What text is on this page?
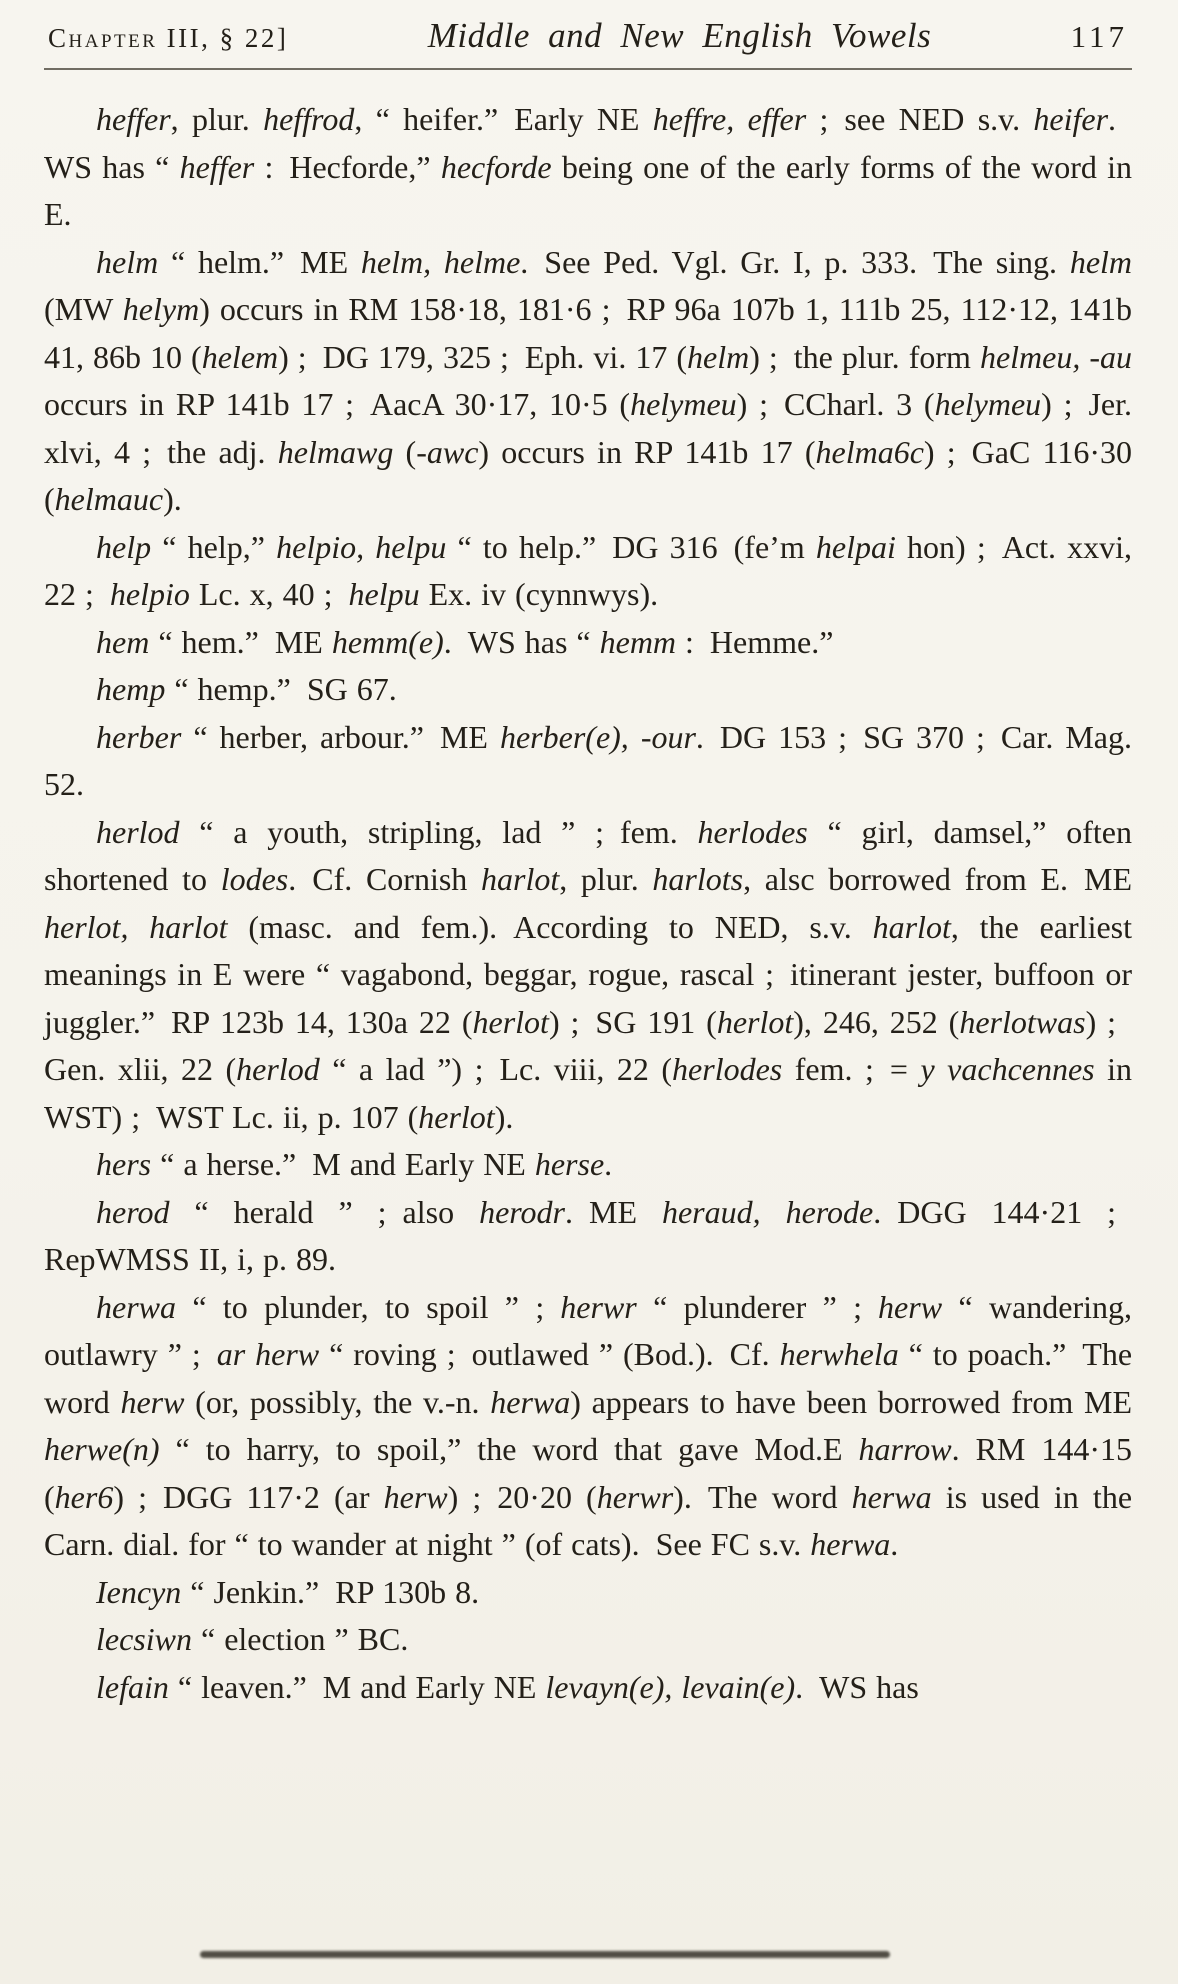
Chapter III, § 22]	Middle and New English Vowels	117

heffer, plur. heffrod, “ heifer.” Early NE heffre, effer ; see NED s.v. heifer. WS has “ heffer : Hecforde,” hecforde being one of the early forms of the word in E.

helm “ helm.” ME helm, helme. See Ped. Vgl. Gr. I, p. 333. The sing. helm (MW helym) occurs in RM 158·18, 181·6 ; RP 96a 107b 1, 111b 25, 112·12, 141b 41, 86b 10 (helem) ; DG 179, 325 ; Eph. vi. 17 (helm) ; the plur. form helmeu, -au occurs in RP 141b 17 ; AacA 30·17, 10·5 (helymeu) ; CCharl. 3 (helymeu) ; Jer. xlvi, 4 ; the adj. helmawg (-awc) occurs in RP 141b 17 (helma6c) ; GaC 116·30 (helmauc).

help “ help,” helpio, helpu “ to help.” DG 316 (fe’m helpai hon) ; Act. xxvi, 22 ; helpio Lc. x, 40 ; helpu Ex. iv (cynnwys).

hem “ hem.” ME hemm(e). WS has “ hemm : Hemme.”

hemp “ hemp.” SG 67.

herber “ herber, arbour.” ME herber(e), -our. DG 153 ; SG 370 ; Car. Mag. 52.

herlod “ a youth, stripling, lad ” ; fem. herlodes “ girl, damsel,” often shortened to lodes. Cf. Cornish harlot, plur. harlots, alsc borrowed from E. ME herlot, harlot (masc. and fem.). According to NED, s.v. harlot, the earliest meanings in E were “ vagabond, beggar, rogue, rascal ; itinerant jester, buffoon or juggler.” RP 123b 14, 130a 22 (herlot) ; SG 191 (herlot), 246, 252 (herlotwas) ; Gen. xlii, 22 (herlod “ a lad ”) ; Lc. viii, 22 (herlodes fem. ; = y vachcennes in WST) ; WST Lc. ii, p. 107 (herlot).

hers “ a herse.” M and Early NE herse.

herod “ herald ” ; also herodr. ME heraud, herode. DGG 144·21 ; RepWMSS II, i, p. 89.

herwa “ to plunder, to spoil ” ; herwr “ plunderer ” ; herw “ wandering, outlawry ” ; ar herw “ roving ; outlawed ” (Bod.). Cf. herwhela “ to poach.” The word herw (or, possibly, the v.-n. herwa) appears to have been borrowed from ME herwe(n) “ to harry, to spoil,” the word that gave Mod.E harrow. RM 144·15 (her6) ; DGG 117·2 (ar herw) ; 20·20 (herwr). The word herwa is used in the Carn. dial. for “ to wander at night ” (of cats). See FC s.v. herwa.

Iencyn “ Jenkin.” RP 130b 8.

lecsiwn “ election ” BC.

lefain “ leaven.” M and Early NE levayn(e), levain(e). WS has
